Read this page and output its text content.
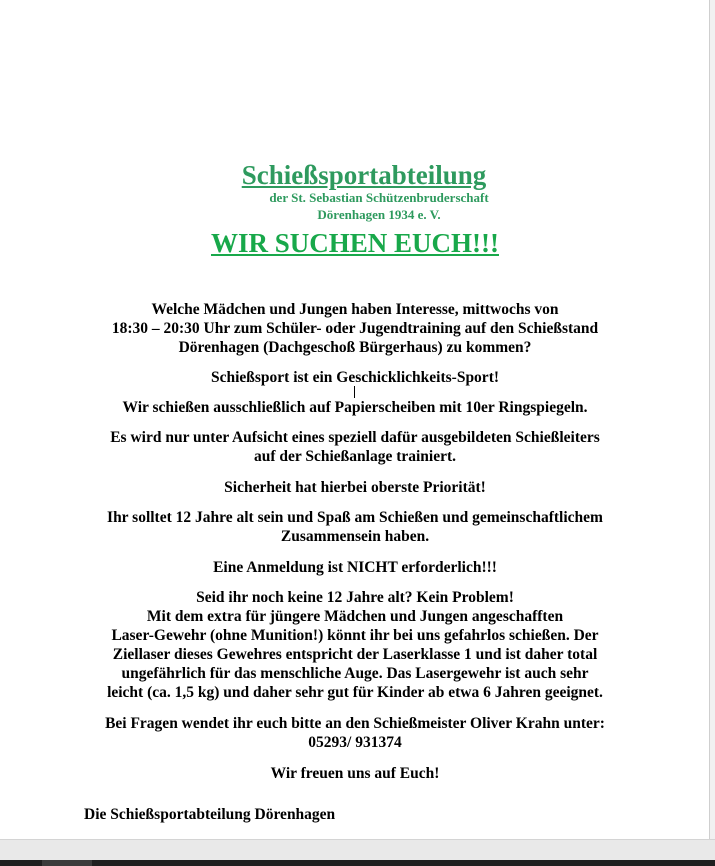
Schießsportabteilung
der St. Sebastian Schützenbruderschaft
Dörenhagen 1934 e. V.
WIR SUCHEN EUCH!!!
Welche Mädchen und Jungen haben Interesse, mittwochs von
18:30 – 20:30 Uhr zum Schüler- oder Jugendtraining auf den Schießstand
Dörenhagen (Dachgeschoß Bürgerhaus) zu kommen?
Schießsport ist ein Geschicklichkeits-Sport!
Wir schießen ausschließlich auf Papierscheiben mit 10er Ringspiegeln.
Es wird nur unter Aufsicht eines speziell dafür ausgebildeten Schießleiters
auf der Schießanlage trainiert.
Sicherheit hat hierbei oberste Priorität!
Ihr solltet 12 Jahre alt sein und Spaß am Schießen und gemeinschaftlichem
Zusammensein haben.
Eine Anmeldung ist NICHT erforderlich!!!
Seid ihr noch keine 12 Jahre alt? Kein Problem!
Mit dem extra für jüngere Mädchen und Jungen angeschafften
Laser-Gewehr (ohne Munition!) könnt ihr bei uns gefahrlos schießen. Der
Ziellaser dieses Gewehres entspricht der Laserklasse 1 und ist daher total
ungefährlich für das menschliche Auge. Das Lasergewehr ist auch sehr
leicht (ca. 1,5 kg) und daher sehr gut für Kinder ab etwa 6 Jahren geeignet.
Bei Fragen wendet ihr euch bitte an den Schießmeister Oliver Krahn unter:
05293/ 931374
Wir freuen uns auf Euch!
Die Schießsportabteilung Dörenhagen
